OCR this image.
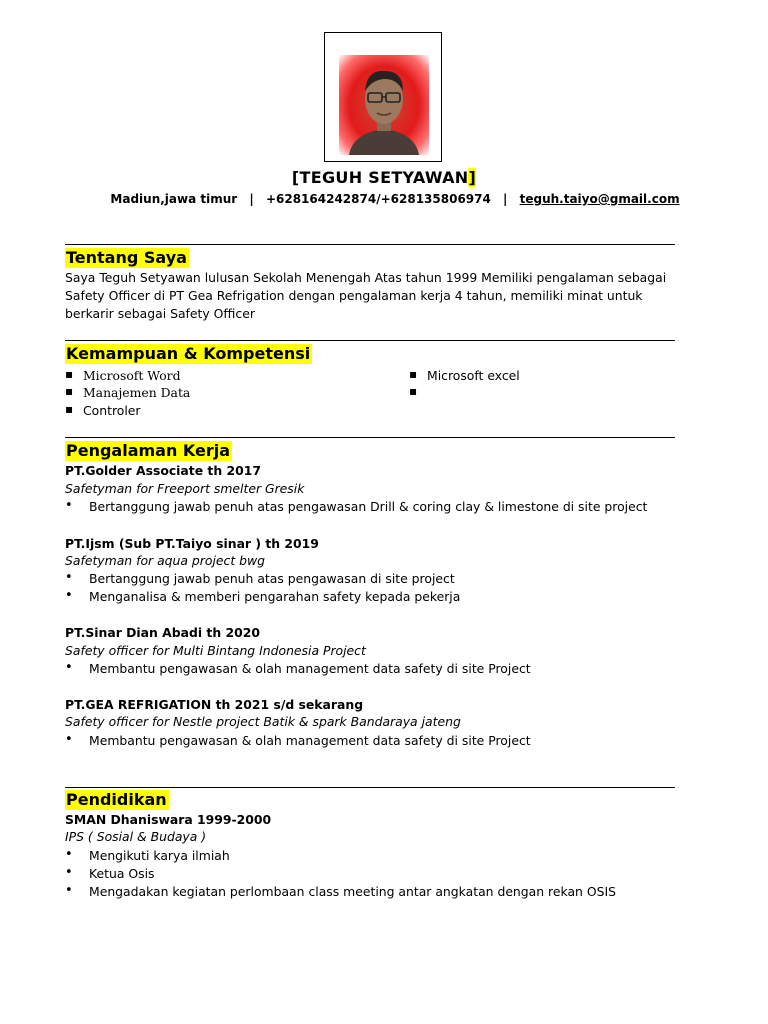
[TEGUH SETYAWAN]
Madiun,jawa timur | +628164242874/+628135806974 | teguh.taiyo@gmail.com
Tentang Saya
Saya Teguh Setyawan lulusan Sekolah Menengah Atas tahun 1999 Memiliki pengalaman sebagai
Safety Officer di PT Gea Refrigation dengan pengalaman kerja 4 tahun, memiliki minat untuk
berkarir sebagai Safety Officer
Kemampuan & Kompetensi
▪ Microsoft Word
▪ Manajemen Data
▪ Controler
▪ Microsoft excel
▪
Pengalaman Kerja
PT.Golder Associate th 2017
Safetyman for Freeport smelter Gresik
• Bertanggung jawab penuh atas pengawasan Drill & coring clay & limestone di site project
PT.Ijsm (Sub PT.Taiyo sinar ) th 2019
Safetyman for aqua project bwg
• Bertanggung jawab penuh atas pengawasan di site project
• Menganalisa & memberi pengarahan safety kepada pekerja
PT.Sinar Dian Abadi th 2020
Safety officer for Multi Bintang Indonesia Project
• Membantu pengawasan & olah management data safety di site Project
PT.GEA REFRIGATION th 2021 s/d sekarang
Safety officer for Nestle project Batik & spark Bandaraya jateng
• Membantu pengawasan & olah management data safety di site Project
Pendidikan
SMAN Dhaniswara 1999-2000
IPS ( Sosial & Budaya )
• Mengikuti karya ilmiah
• Ketua Osis
• Mengadakan kegiatan perlombaan class meeting antar angkatan dengan rekan OSIS
